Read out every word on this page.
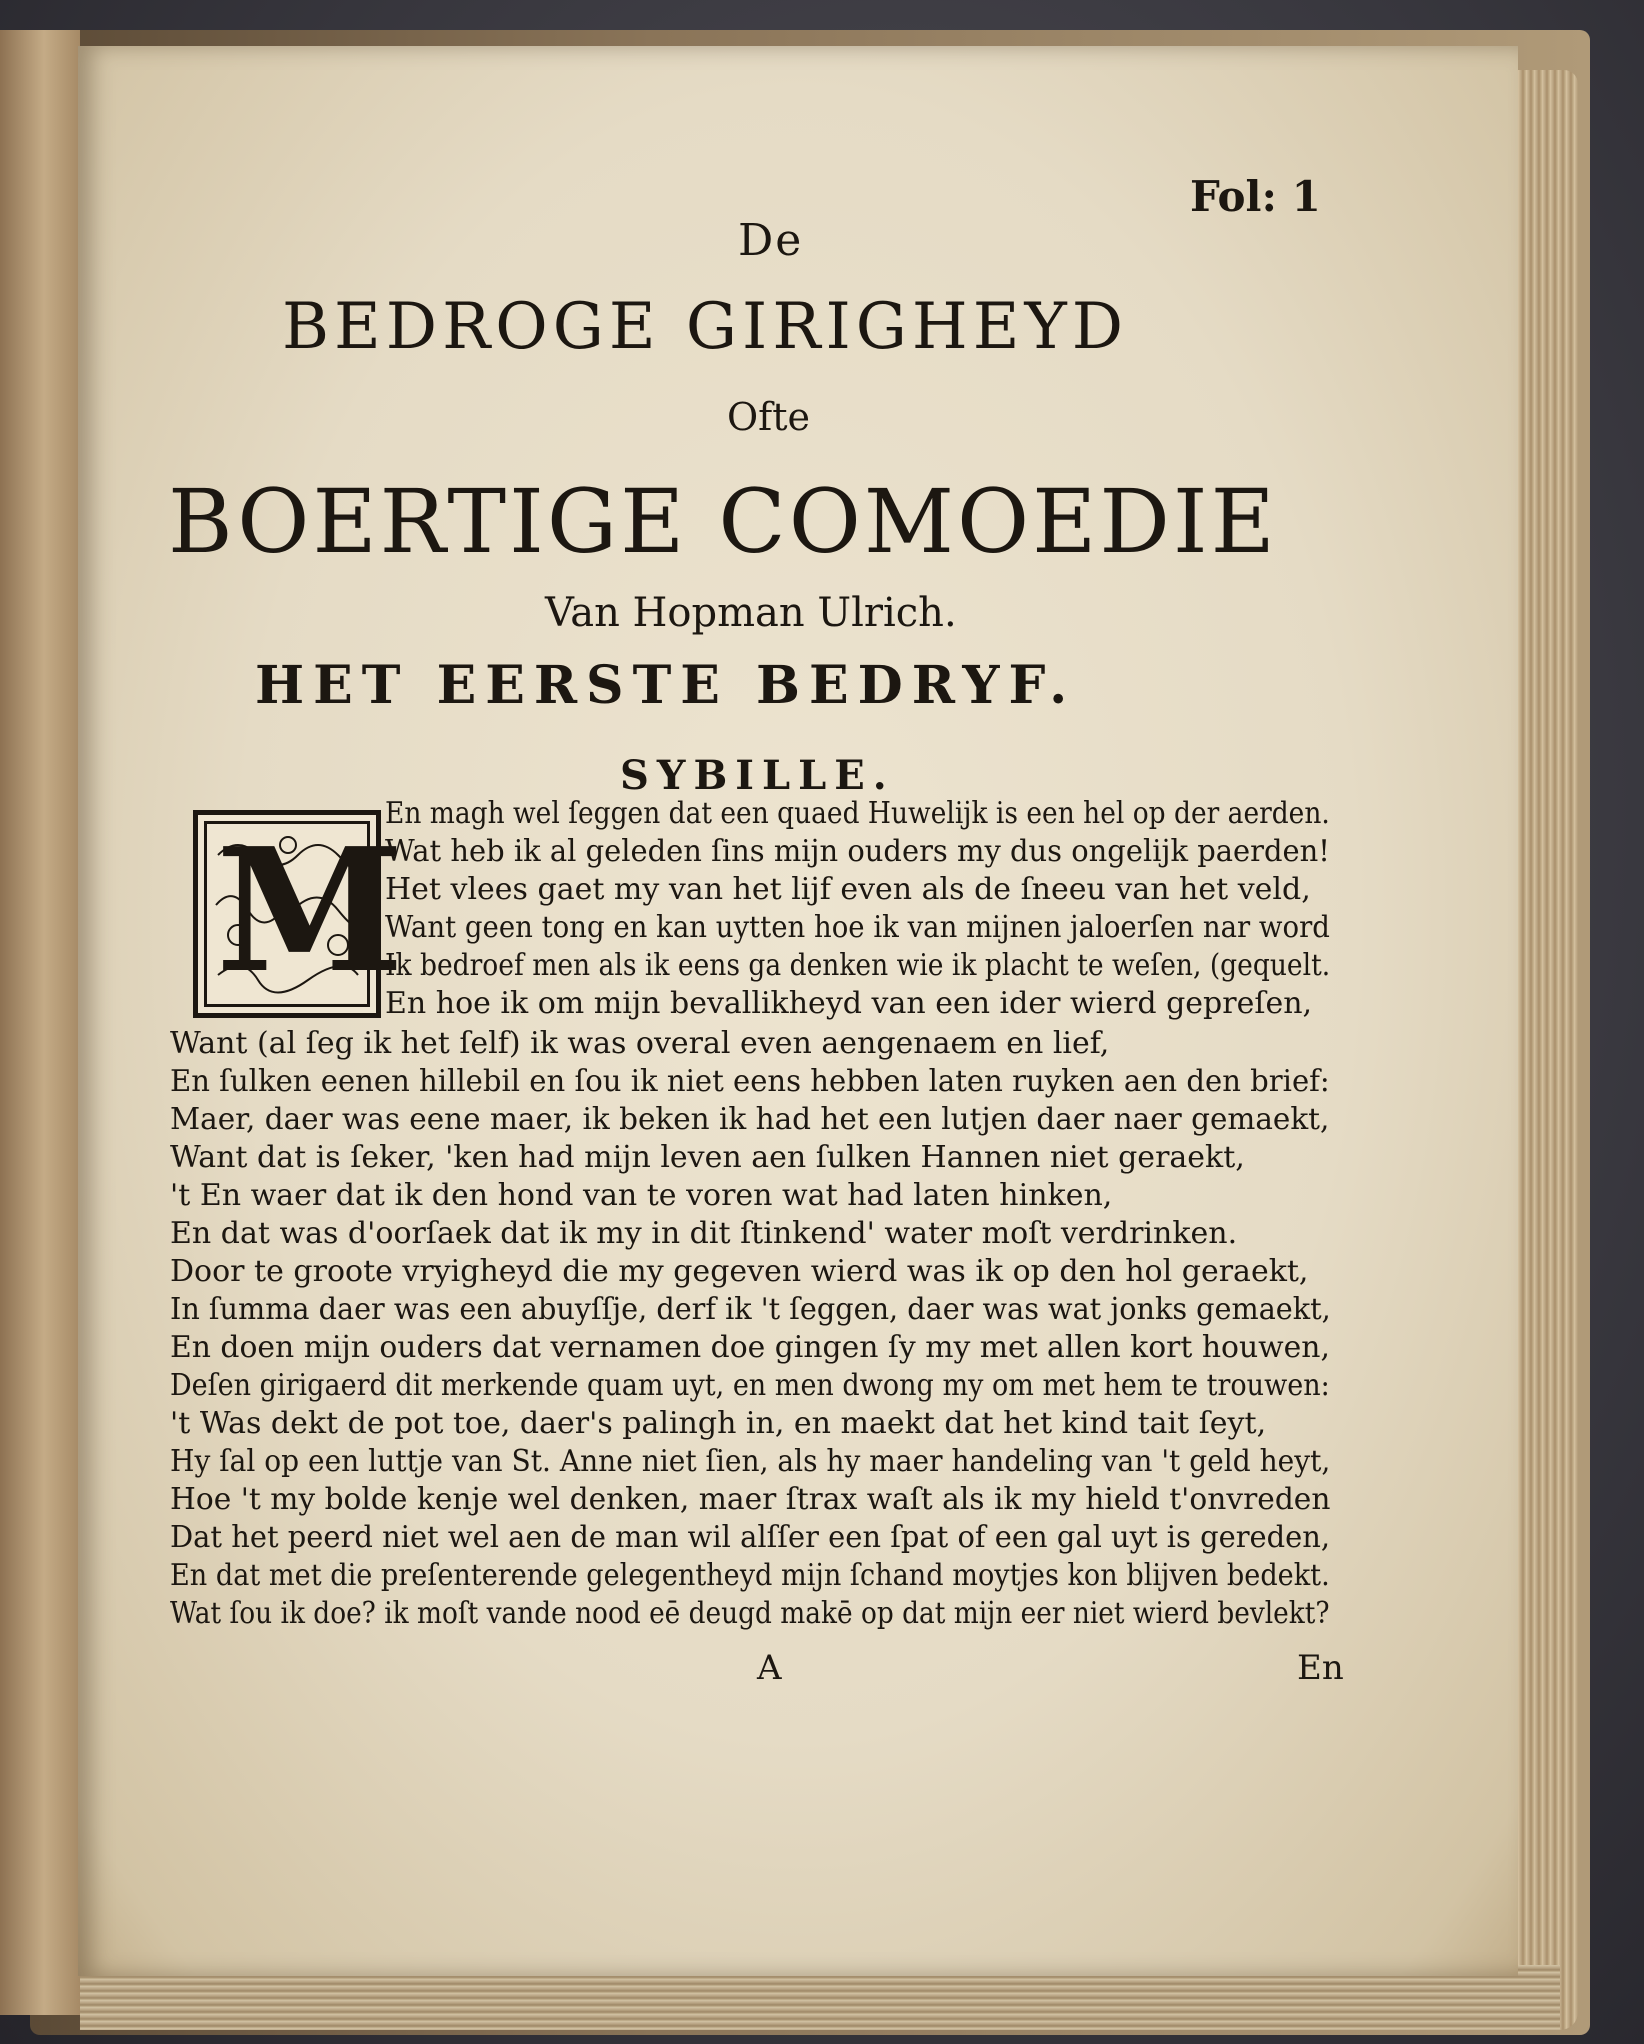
Fol: 1
De
BEDROGE GIRIGHEYD
Ofte
BOERTIGE COMOEDIE
Van Hopman Ulrich.
HET EERSTE BEDRYF.
SYBILLE.
M
En magh wel ſeggen dat een quaed Huwelijk is een hel op der aerden.
Wat heb ik al geleden ſins mijn ouders my dus ongelijk paerden!
Het vlees gaet my van het lijf even als de ſneeu van het veld,
Want geen tong en kan uytten hoe ik van mijnen jaloerſen nar word
Ik bedroef men als ik eens ga denken wie ik placht te weſen, (gequelt.
En hoe ik om mijn bevallikheyd van een ider wierd gepreſen,
Want (al ſeg ik het ſelf) ik was overal even aengenaem en lief,
En ſulken eenen hillebil en ſou ik niet eens hebben laten ruyken aen den brief:
Maer, daer was eene maer, ik beken ik had het een lutjen daer naer gemaekt,
Want dat is ſeker, 'ken had mijn leven aen ſulken Hannen niet geraekt,
't En waer dat ik den hond van te voren wat had laten hinken,
En dat was d'oorſaek dat ik my in dit ſtinkend' water moſt verdrinken.
Door te groote vryigheyd die my gegeven wierd was ik op den hol geraekt,
In ſumma daer was een abuyſſje, derf ik 't ſeggen, daer was wat jonks gemaekt,
En doen mijn ouders dat vernamen doe gingen ſy my met allen kort houwen,
Deſen girigaerd dit merkende quam uyt, en men dwong my om met hem te trouwen:
't Was dekt de pot toe, daer's palingh in, en maekt dat het kind tait ſeyt,
Hy ſal op een luttje van St. Anne niet ſien, als hy maer handeling van 't geld heyt,
Hoe 't my bolde kenje wel denken, maer ſtrax waſt als ik my hield t'onvreden
Dat het peerd niet wel aen de man wil alſſer een ſpat of een gal uyt is gereden,
En dat met die preſenterende gelegentheyd mijn ſchand moytjes kon blijven bedekt.
Wat ſou ik doe? ik moſt vande nood eē deugd makē op dat mijn eer niet wierd bevlekt?
A	En
